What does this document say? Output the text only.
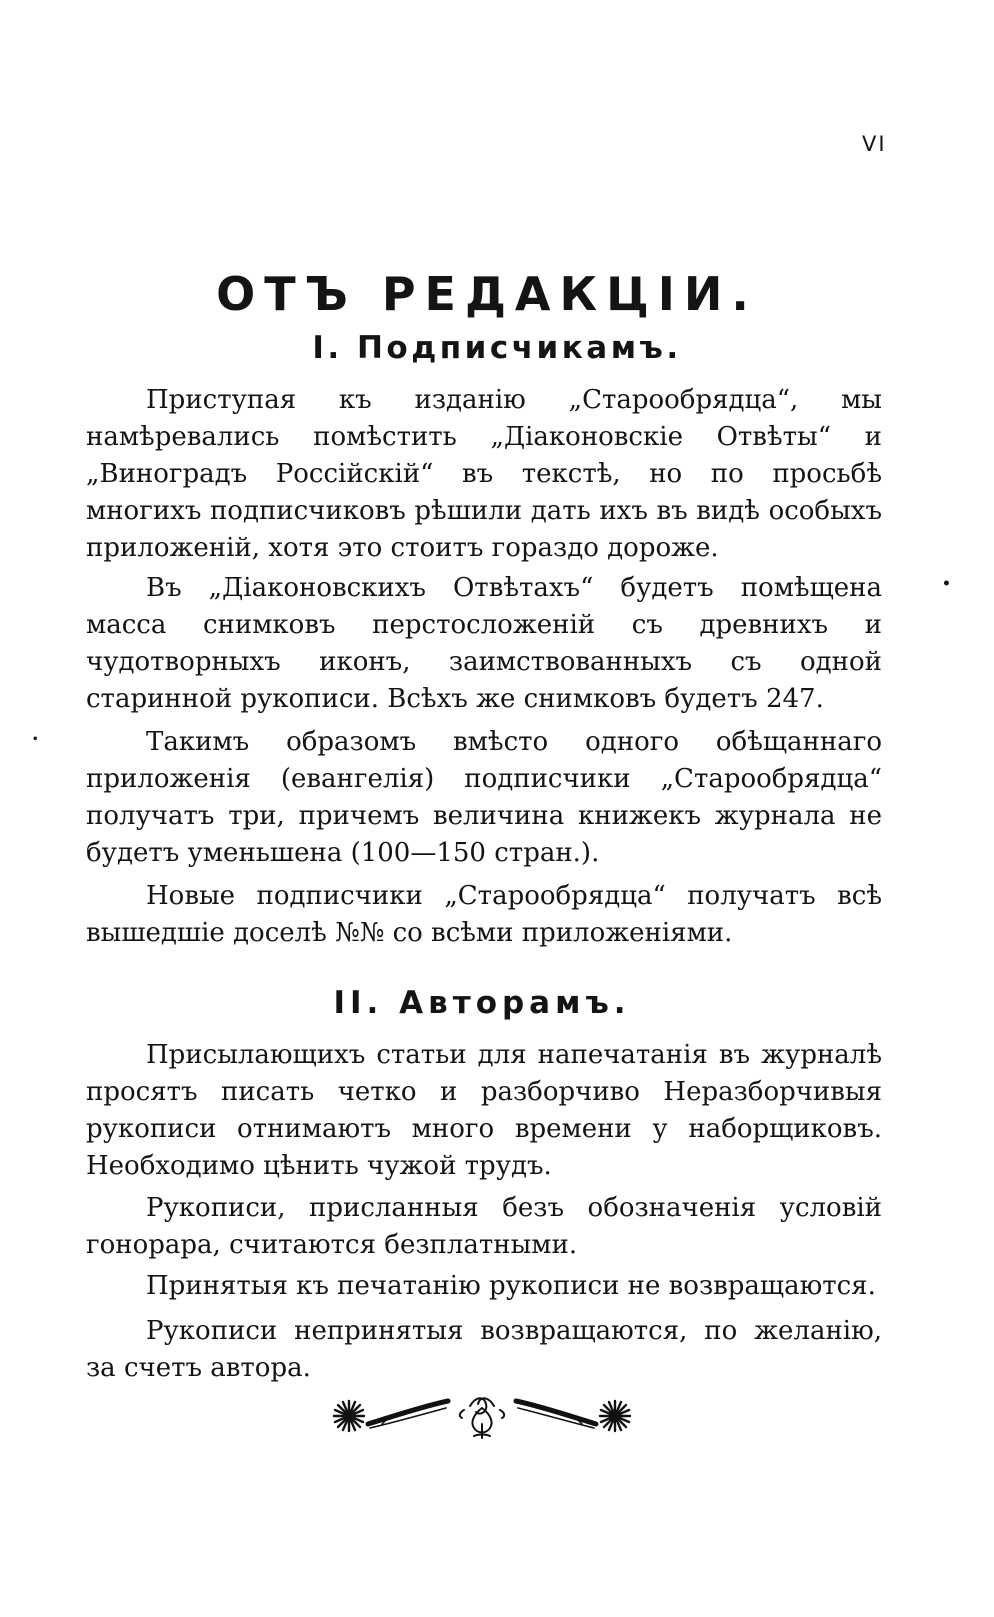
VI
ОТЪ РЕДАКЦІИ.
I. Подписчикамъ.

Приступая къ изданію „Старообрядца“, мы намѣревались помѣстить „Діаконовскіе Отвѣты“ и „Виноградъ Россійскій“ въ текстѣ, но по просьбѣ многихъ подписчиковъ рѣшили дать ихъ въ видѣ особыхъ приложеній, хотя это стоитъ гораздо дороже.

Въ „Діаконовскихъ Отвѣтахъ“ будетъ помѣщена масса снимковъ перстосложеній съ древнихъ и чудотворныхъ иконъ, заимствованныхъ съ одной старинной рукописи. Всѣхъ же снимковъ будетъ 247.

Такимъ образомъ вмѣсто одного обѣщаннаго приложенія (евангелія) подписчики „Старообрядца“ получатъ три, причемъ величина книжекъ журнала не будетъ уменьшена (100—150 стран.).

Новые подписчики „Старообрядца“ получатъ всѣ вышедшіе доселѣ №№ со всѣми приложеніями.

II. Авторамъ.

Присылающихъ статьи для напечатанія въ журналѣ просятъ писать четко и разборчиво Неразборчивыя рукописи отнимаютъ много времени у наборщиковъ. Необходимо цѣнить чужой трудъ.

Рукописи, присланныя безъ обозначенія условій гонорара, считаются безплатными.

Принятыя къ печатанію рукописи не возвращаются.

Рукописи непринятыя возвращаются, по желанію, за счетъ автора.

•
•
